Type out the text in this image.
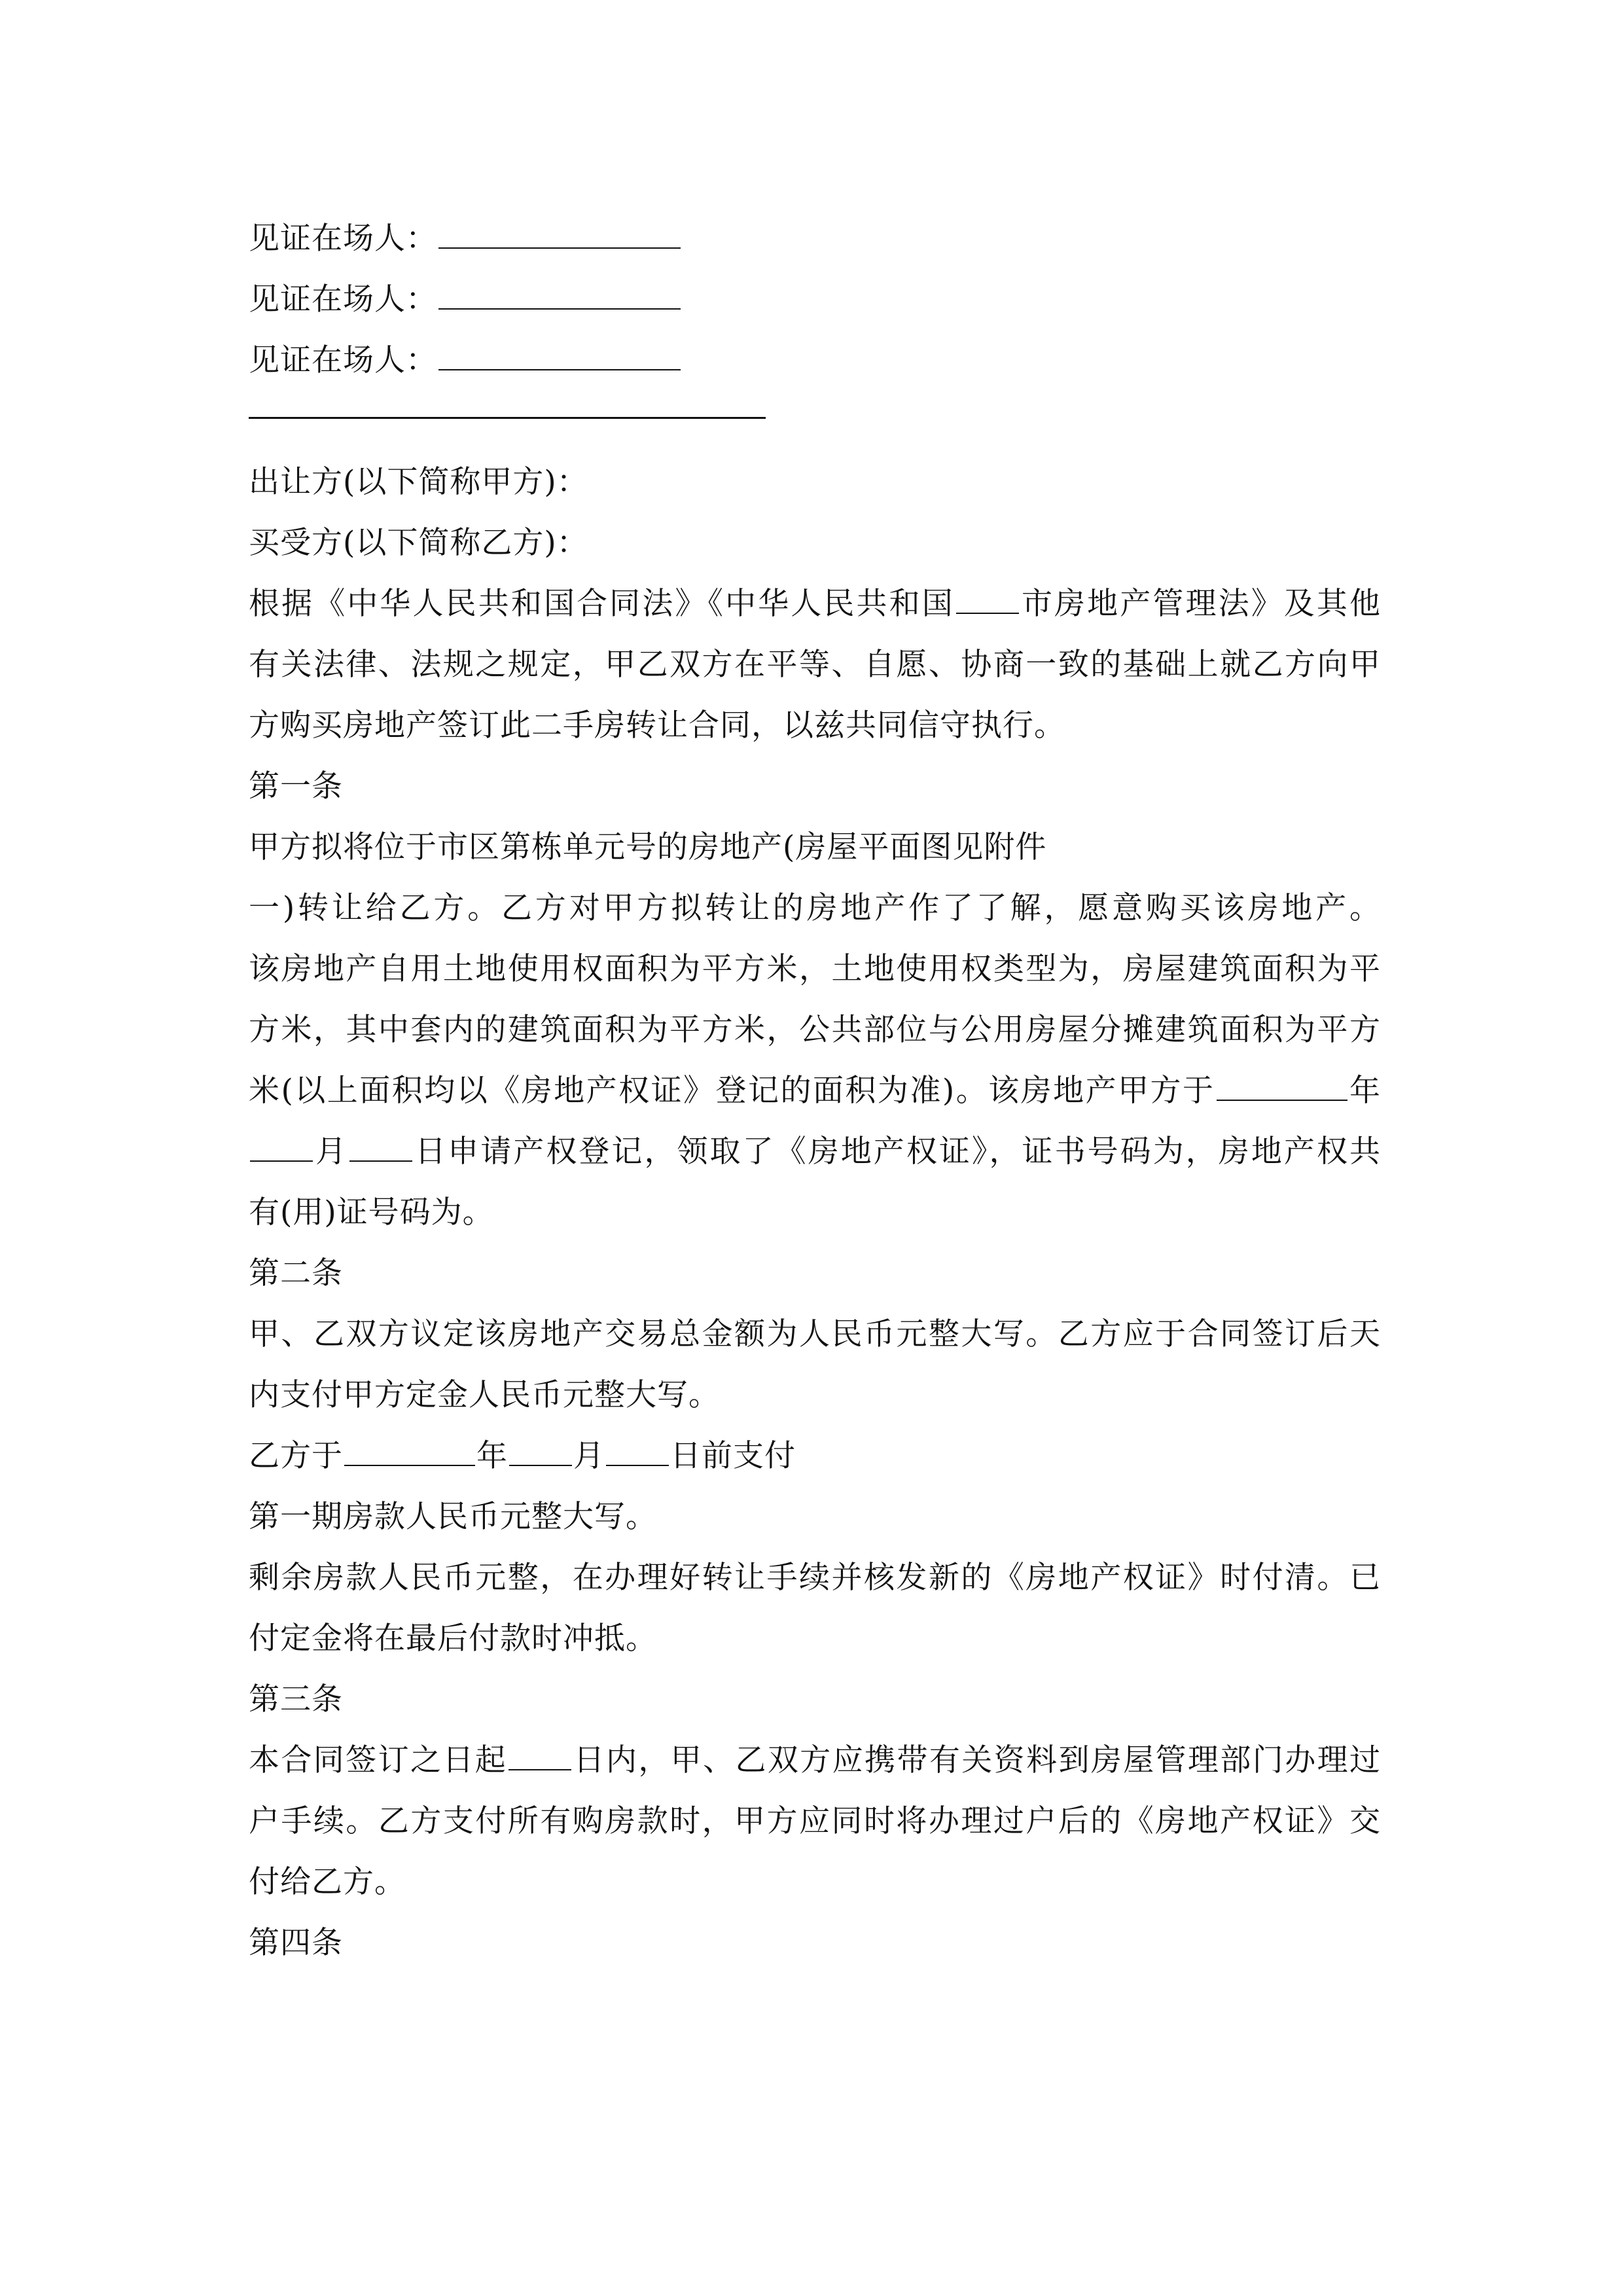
见证在场人：
见证在场人：
见证在场人：
出让方(以下简称甲方)：
买受方(以下简称乙方)：
根据《中华人民共和国合同法》《中华人民共和国 市房地产管理法》及其他
有关法律、法规之规定，甲乙双方在平等、自愿、协商一致的基础上就乙方向甲
方购买房地产签订此二手房转让合同，以兹共同信守执行。
第一条
甲方拟将位于市区第栋单元号的房地产(房屋平面图见附件
一)转让给乙方。乙方对甲方拟转让的房地产作了了解，愿意购买该房地产。
该房地产自用土地使用权面积为平方米，土地使用权类型为，房屋建筑面积为平
方米，其中套内的建筑面积为平方米，公共部位与公用房屋分摊建筑面积为平方
米(以上面积均以《房地产权证》登记的面积为准)。该房地产甲方于	年
月 日申请产权登记，领取了《房地产权证》，证书号码为，房地产权共
有(用)证号码为。
第二条
甲、乙双方议定该房地产交易总金额为人民币元整大写。乙方应于合同签订后天
内支付甲方定金人民币元整大写。
乙方于	年 月 日前支付
第一期房款人民币元整大写。
剩余房款人民币元整，在办理好转让手续并核发新的《房地产权证》时付清。已
付定金将在最后付款时冲抵。
第三条
本合同签订之日起 日内，甲、乙双方应携带有关资料到房屋管理部门办理过
户手续。乙方支付所有购房款时，甲方应同时将办理过户后的《房地产权证》交
付给乙方。
第四条
